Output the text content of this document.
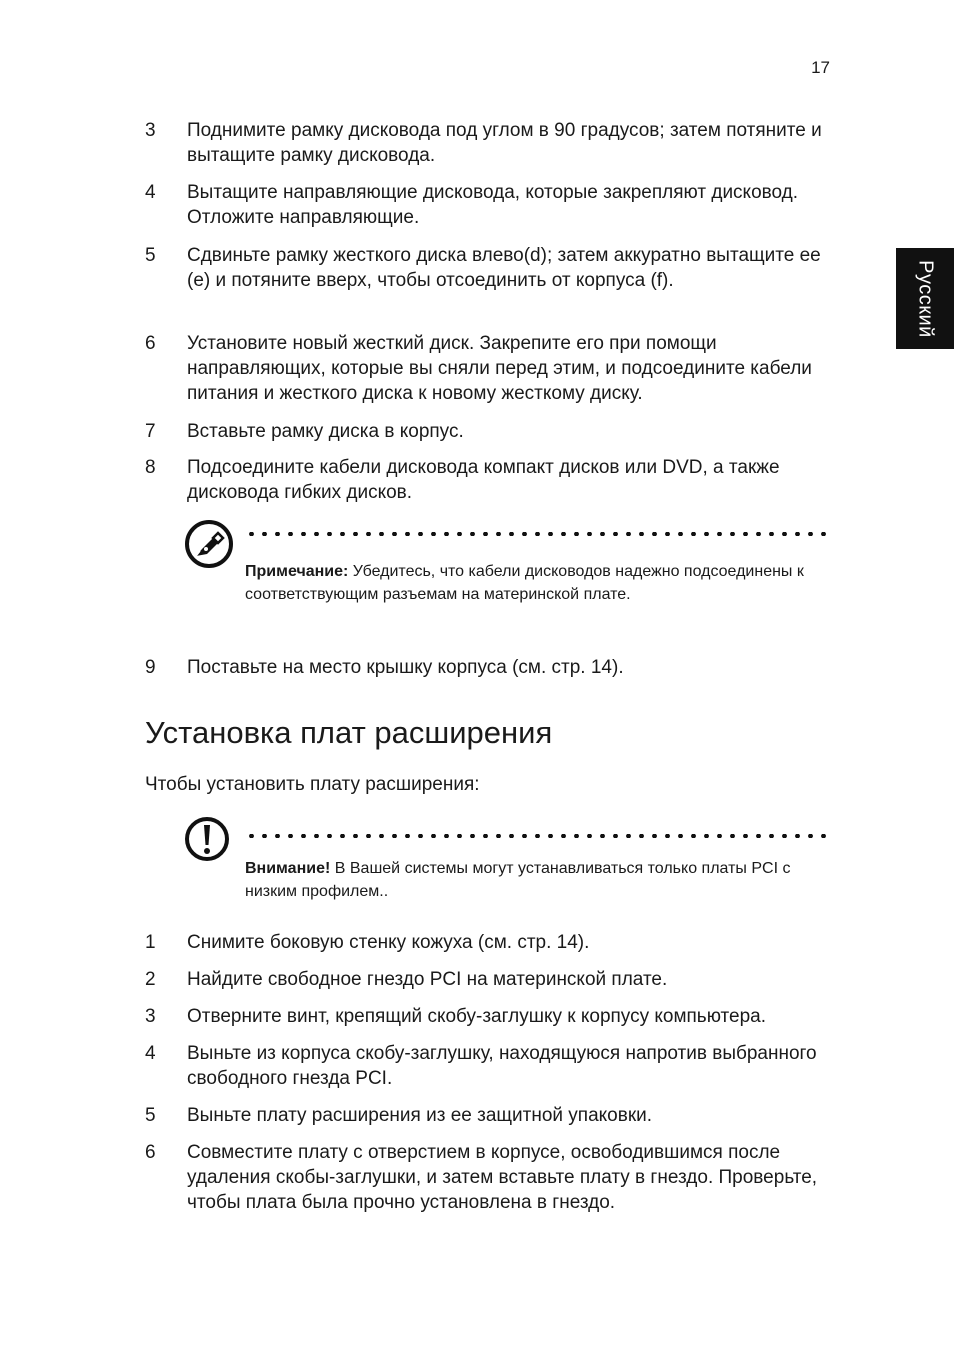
17
Русский
3	Поднимите рамку дисковода под углом в 90 градусов; затем потяните и вытащите рамку дисковода.
4	Вытащите направляющие дисковода, которые закрепляют дисковод. Отложите направляющие.
5	Сдвиньте рамку жесткого диска влево(d); затем аккуратно вытащите ее (е) и потяните вверх, чтобы отсоединить от корпуса (f).
6	Установите новый жесткий диск. Закрепите его при помощи направляющих, которые вы сняли перед этим, и подсоедините кабели питания и жесткого диска к новому жесткому диску.
7	Вставьте рамку диска в корпус.
8	Подсоедините кабели дисковода компакт дисков или DVD, а также дисковода гибких дисков.
Примечание: Убедитесь, что кабели дисководов надежно подсоединены к соответствующим разъемам на материнской плате.
9	Поставьте на место крышку корпуса (см. стр. 14).
Установка плат расширения
Чтобы установить плату расширения:
Внимание! В Вашей системы могут устанавливаться только платы PCI с низким профилем..
1	Снимите боковую стенку кожуха (см. стр. 14).
2	Найдите свободное гнездо PCI на материнской плате.
3	Отверните винт, крепящий скобу-заглушку к корпусу компьютера.
4	Выньте из корпуса скобу-заглушку, находящуюся напротив выбранного свободного гнезда PCI.
5	Выньте плату расширения из ее защитной упаковки.
6	Совместите плату с отверстием в корпусе, освободившимся после удаления скобы-заглушки, и затем вставьте плату в гнездо. Проверьте, чтобы плата была прочно установлена в гнездо.
